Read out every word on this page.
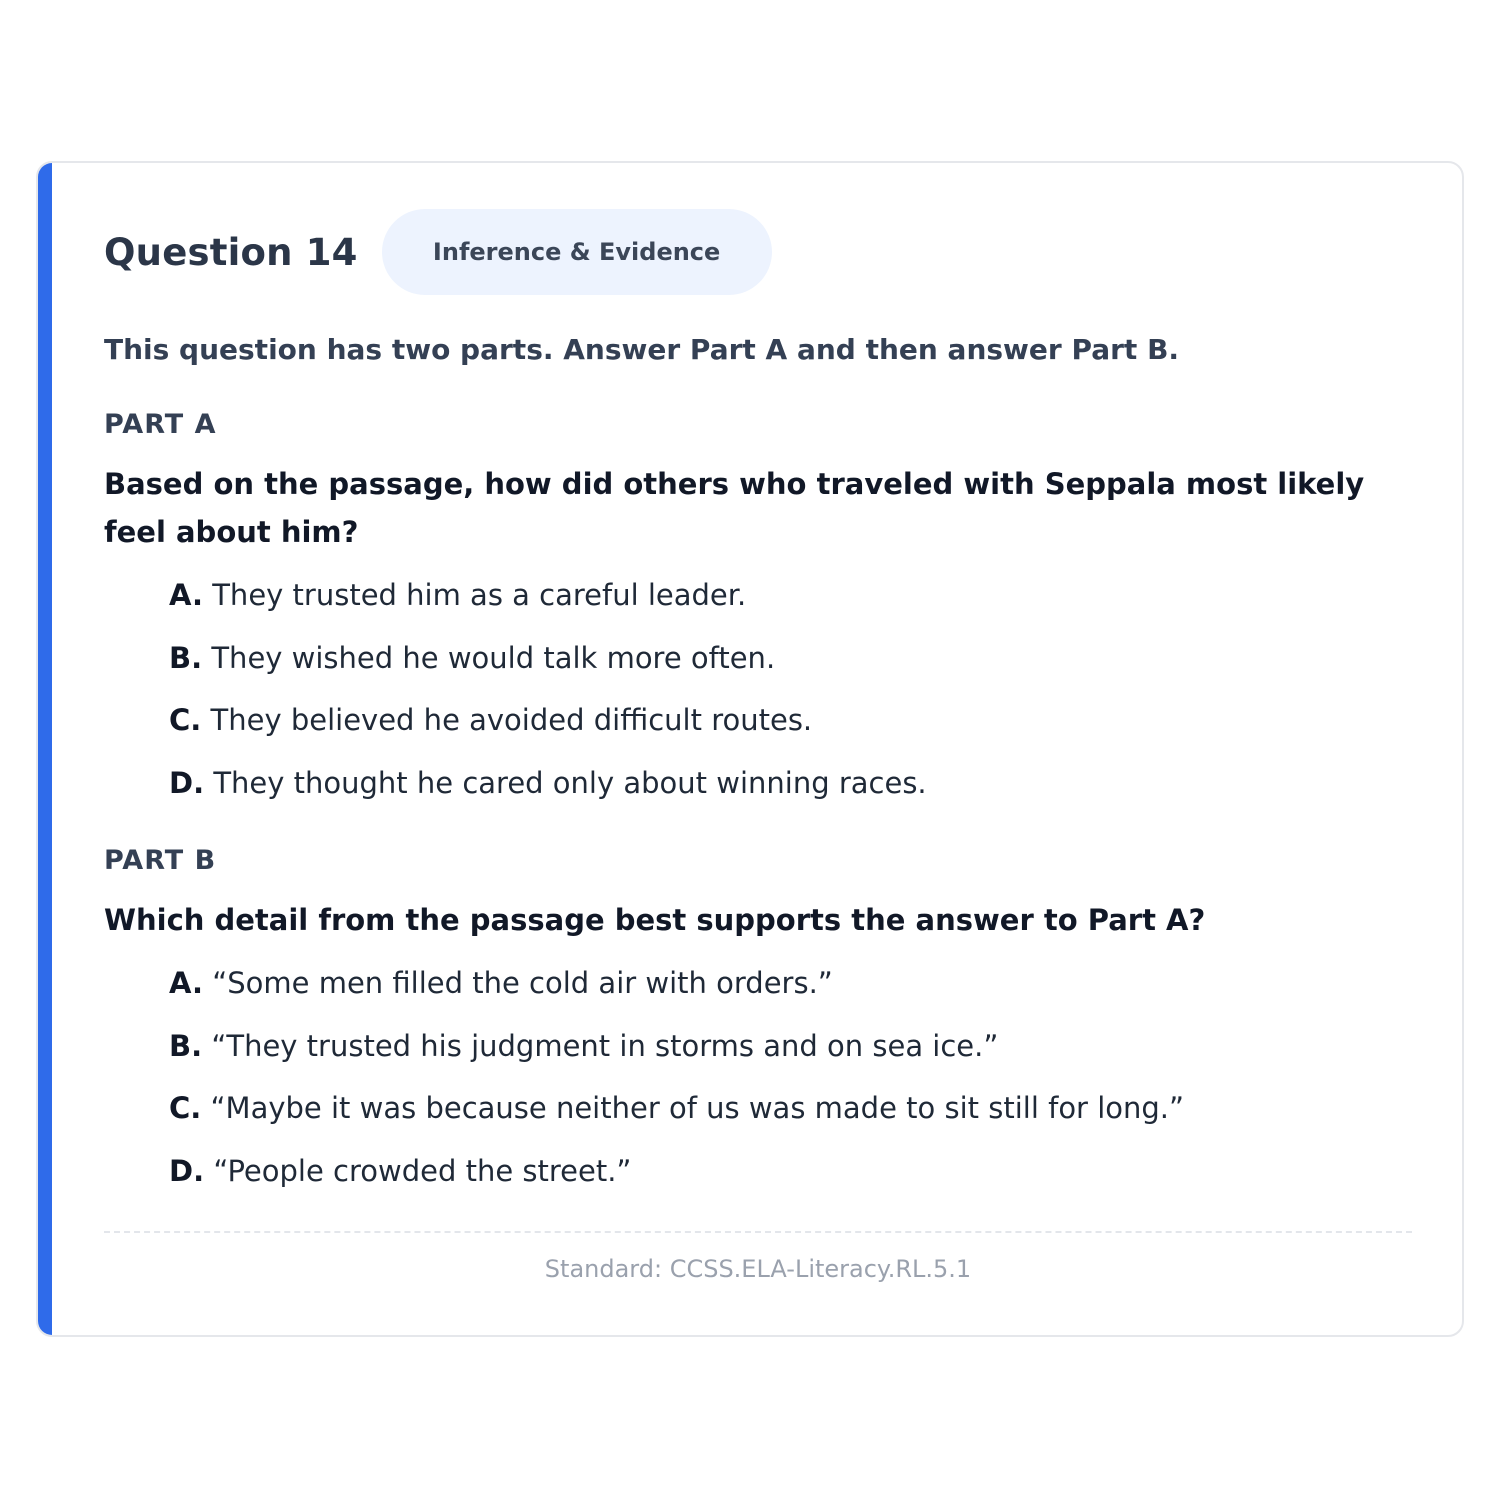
Question 14	Inference & Evidence
This question has two parts. Answer Part A and then answer Part B.
PART A
Based on the passage, how did others who traveled with Seppala most likely feel about him?
A. They trusted him as a careful leader.
B. They wished he would talk more often.
C. They believed he avoided difficult routes.
D. They thought he cared only about winning races.
PART B
Which detail from the passage best supports the answer to Part A?
A. “Some men filled the cold air with orders.”
B. “They trusted his judgment in storms and on sea ice.”
C. “Maybe it was because neither of us was made to sit still for long.”
D. “People crowded the street.”
Standard: CCSS.ELA-Literacy.RL.5.1
